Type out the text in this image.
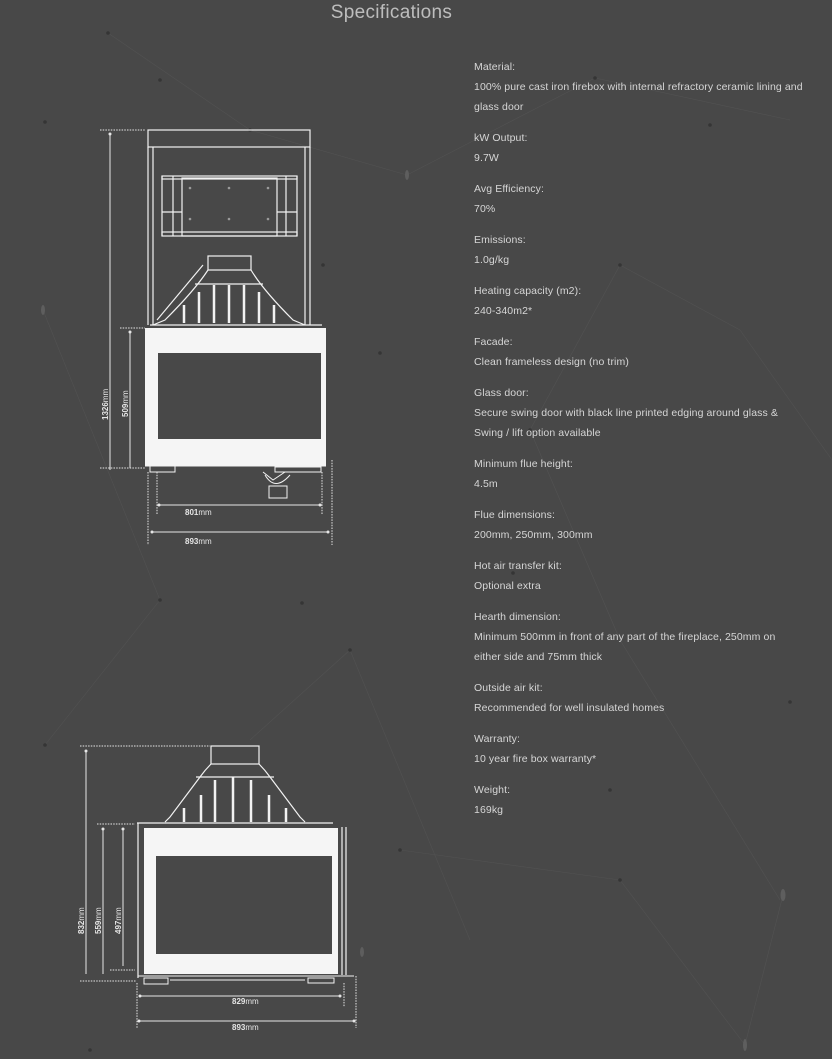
Specifications
1326mm
509mm
801mm
893mm
832mm
559mm
497mm
829mm
893mm
Material:
100% pure cast iron firebox with internal refractory ceramic lining and glass door
kW Output:
9.7W
Avg Efficiency:
70%
Emissions:
1.0g/kg
Heating capacity (m2):
240-340m2*
Facade:
Clean frameless design (no trim)
Glass door:
Secure swing door with black line printed edging around glass & Swing / lift option available
Minimum flue height:
4.5m
Flue dimensions:
200mm, 250mm, 300mm
Hot air transfer kit:
Optional extra
Hearth dimension:
Minimum 500mm in front of any part of the fireplace, 250mm on either side and 75mm thick
Outside air kit:
Recommended for well insulated homes
Warranty:
10 year fire box warranty*
Weight:
169kg
